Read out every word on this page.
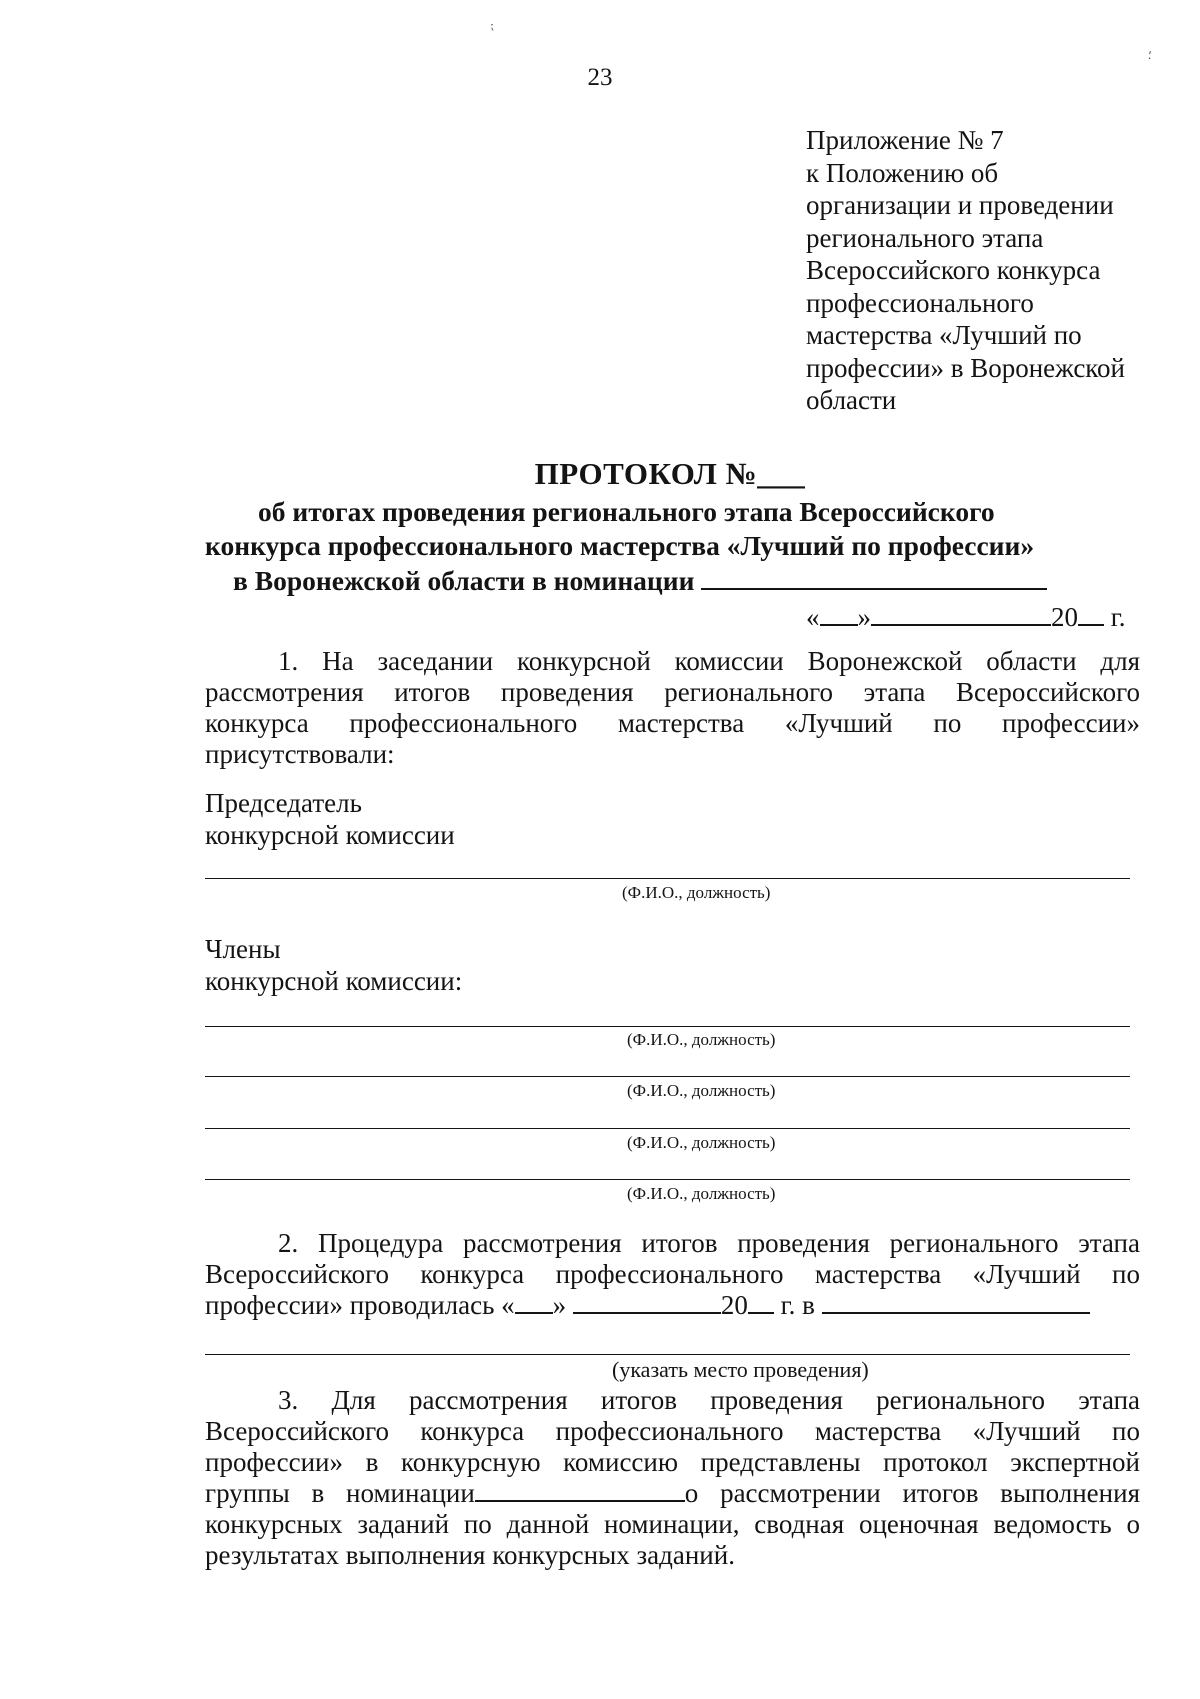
⁏
⸵
23
Приложение № 7
к Положению об
организации и проведении
регионального этапа
Всероссийского конкурса
профессионального
мастерства «Лучший по
профессии» в Воронежской
области
ПРОТОКОЛ №___
об итогах проведения регионального этапа Всероссийского
конкурса профессионального мастерства «Лучший по профессии»
в Воронежской области в номинации
« »	20 г.
1. На заседании конкурсной комиссии Воронежской области для
рассмотрения итогов проведения регионального этапа Всероссийского
конкурса профессионального мастерства «Лучший по профессии»
присутствовали:
Председатель
конкурсной комиссии
(Ф.И.О., должность)
Члены
конкурсной комиссии:
(Ф.И.О., должность)
(Ф.И.О., должность)
(Ф.И.О., должность)
(Ф.И.О., должность)
2. Процедура рассмотрения итогов проведения регионального этапа
Всероссийского конкурса профессионального мастерства «Лучший по
профессии» проводилась « »	20 г. в
(указать место проведения)
3. Для рассмотрения итогов проведения регионального этапа
Всероссийского конкурса профессионального мастерства «Лучший по
профессии» в конкурсную комиссию представлены протокол экспертной
группы в номинации	о рассмотрении итогов выполнения
конкурсных заданий по данной номинации, сводная оценочная ведомость о
результатах выполнения конкурсных заданий.
